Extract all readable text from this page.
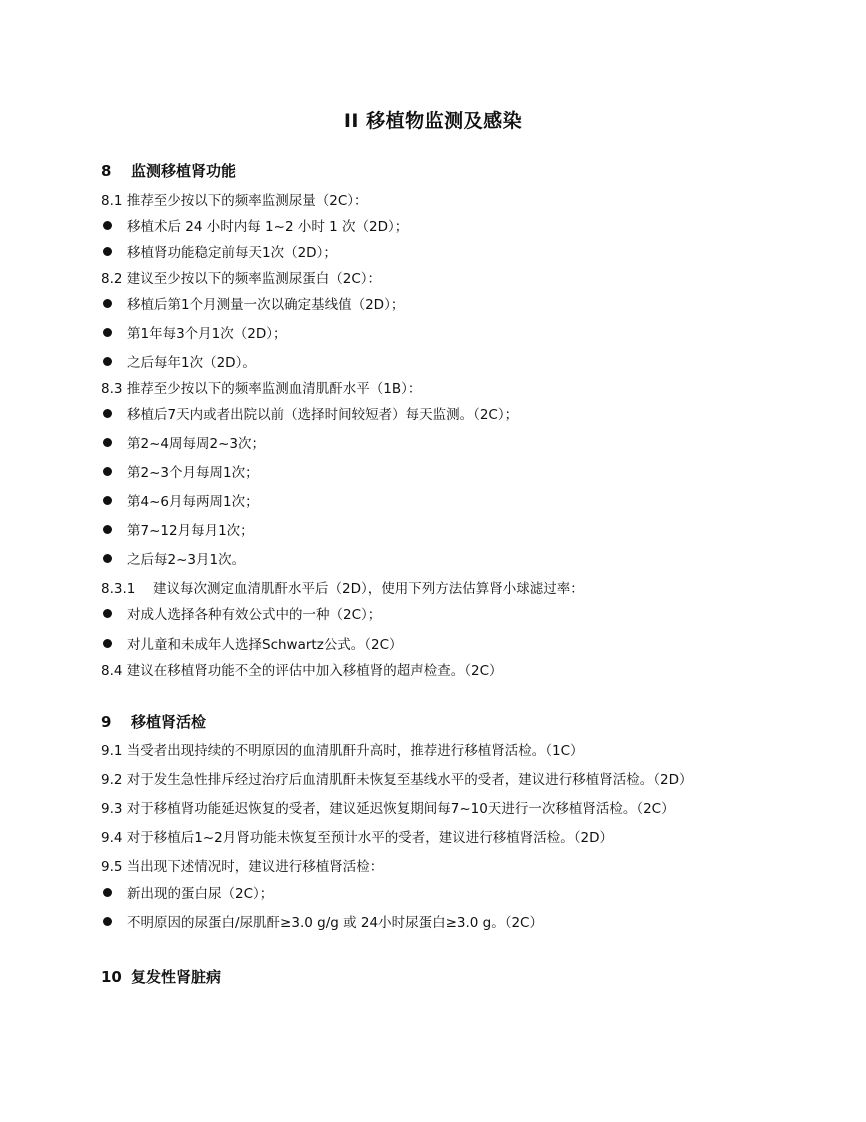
II 移植物监测及感染
8	监测移植肾功能
8.1 推荐至少按以下的频率监测尿量（2C）：
移植术后 24 小时内每 1~2 小时 1 次（2D）；
移植肾功能稳定前每天1次（2D）；
8.2 建议至少按以下的频率监测尿蛋白（2C）：
移植后第1个月测量一次以确定基线值（2D）；
第1年每3个月1次（2D）；
之后每年1次（2D）。
8.3 推荐至少按以下的频率监测血清肌酐水平（1B）：
移植后7天内或者出院以前（选择时间较短者）每天监测。（2C）；
第2~4周每周2~3次；
第2~3个月每周1次；
第4~6月每两周1次；
第7~12月每月1次；
之后每2~3月1次。
8.3.1 建议每次测定血清肌酐水平后（2D），使用下列方法估算肾小球滤过率：
对成人选择各种有效公式中的一种（2C）；
对儿童和未成年人选择Schwartz公式。（2C）
8.4 建议在移植肾功能不全的评估中加入移植肾的超声检查。（2C）
9	移植肾活检
9.1 当受者出现持续的不明原因的血清肌酐升高时，推荐进行移植肾活检。（1C）
9.2 对于发生急性排斥经过治疗后血清肌酐未恢复至基线水平的受者，建议进行移植肾活检。（2D）
9.3 对于移植肾功能延迟恢复的受者，建议延迟恢复期间每7~10天进行一次移植肾活检。（2C）
9.4 对于移植后1~2月肾功能未恢复至预计水平的受者，建议进行移植肾活检。（2D）
9.5 当出现下述情况时，建议进行移植肾活检：
新出现的蛋白尿（2C）；
不明原因的尿蛋白/尿肌酐≥3.0 g/g 或 24小时尿蛋白≥3.0 g。（2C）
10 复发性肾脏病
